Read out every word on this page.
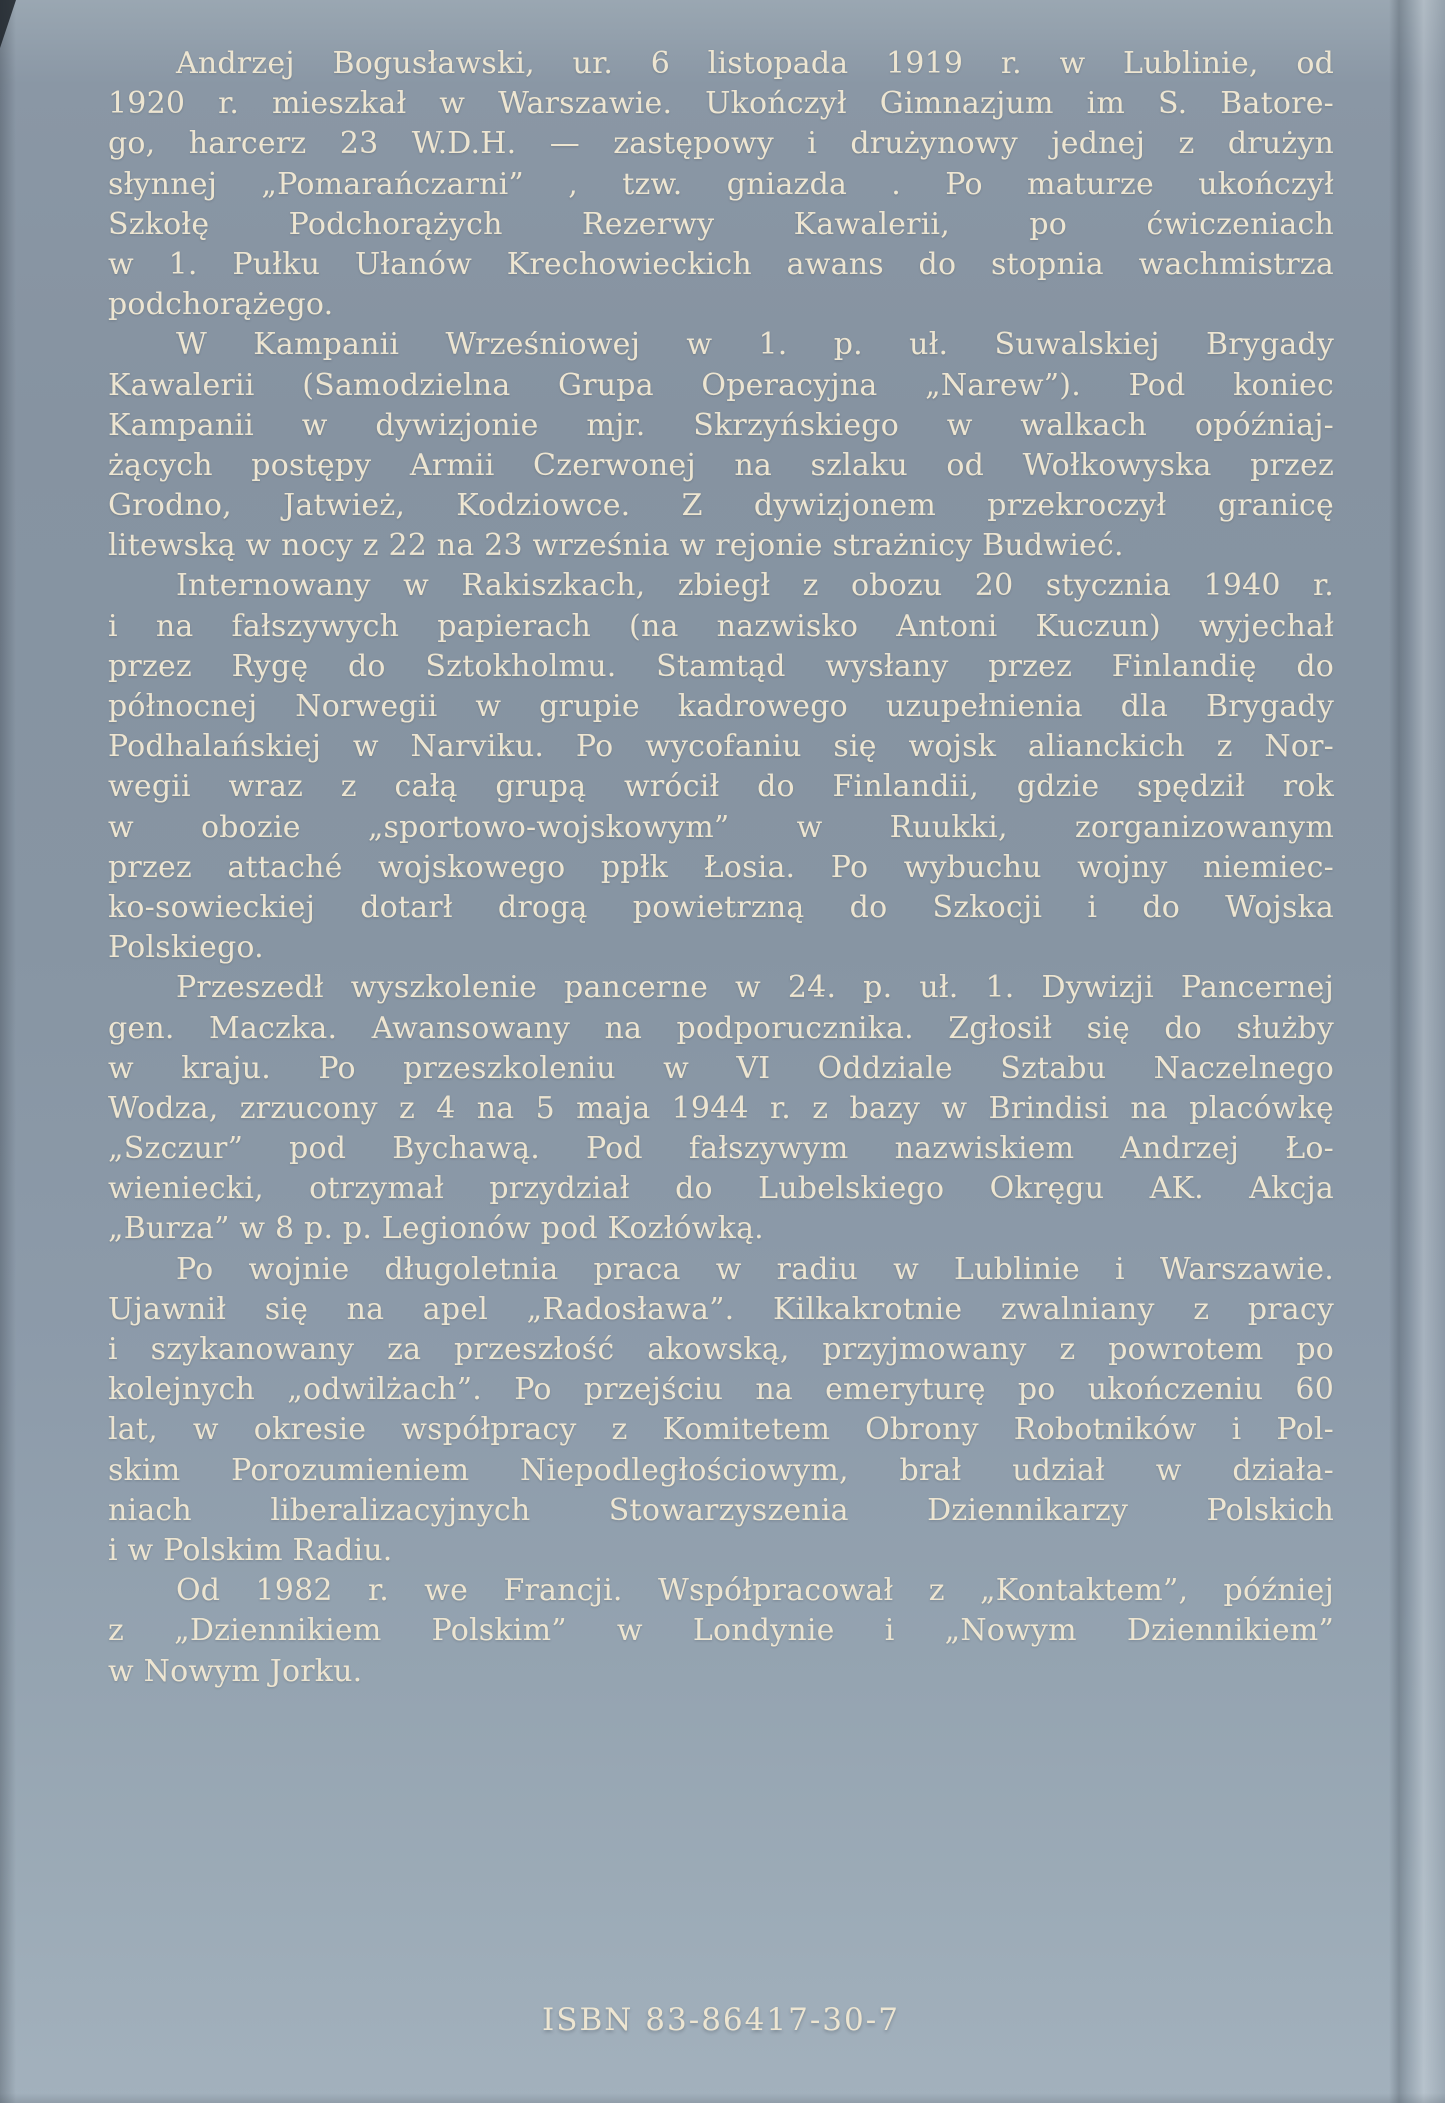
Andrzej Bogusławski, ur. 6 listopada 1919 r. w Lublinie, od
1920 r. mieszkał w Warszawie. Ukończył Gimnazjum im S. Batore-
go, harcerz 23 W.D.H. — zastępowy i drużynowy jednej z drużyn
słynnej „Pomarańczarni” , tzw. gniazda . Po maturze ukończył
Szkołę Podchorążych Rezerwy Kawalerii, po ćwiczeniach
w 1. Pułku Ułanów Krechowieckich awans do stopnia wachmistrza
podchorążego.
W Kampanii Wrześniowej w 1. p. uł. Suwalskiej Brygady
Kawalerii (Samodzielna Grupa Operacyjna „Narew”). Pod koniec
Kampanii w dywizjonie mjr. Skrzyńskiego w walkach opóźniaj-
żących postępy Armii Czerwonej na szlaku od Wołkowyska przez
Grodno, Jatwież, Kodziowce. Z dywizjonem przekroczył granicę
litewską w nocy z 22 na 23 września w rejonie strażnicy Budwieć.
Internowany w Rakiszkach, zbiegł z obozu 20 stycznia 1940 r.
i na fałszywych papierach (na nazwisko Antoni Kuczun) wyjechał
przez Rygę do Sztokholmu. Stamtąd wysłany przez Finlandię do
północnej Norwegii w grupie kadrowego uzupełnienia dla Brygady
Podhalańskiej w Narviku. Po wycofaniu się wojsk alianckich z Nor-
wegii wraz z całą grupą wrócił do Finlandii, gdzie spędził rok
w obozie „sportowo-wojskowym” w Ruukki, zorganizowanym
przez attaché wojskowego ppłk Łosia. Po wybuchu wojny niemiec-
ko-sowieckiej dotarł drogą powietrzną do Szkocji i do Wojska
Polskiego.
Przeszedł wyszkolenie pancerne w 24. p. uł. 1. Dywizji Pancernej
gen. Maczka. Awansowany na podporucznika. Zgłosił się do służby
w kraju. Po przeszkoleniu w VI Oddziale Sztabu Naczelnego
Wodza, zrzucony z 4 na 5 maja 1944 r. z bazy w Brindisi na placówkę
„Szczur” pod Bychawą. Pod fałszywym nazwiskiem Andrzej Ło-
wieniecki, otrzymał przydział do Lubelskiego Okręgu AK. Akcja
„Burza” w 8 p. p. Legionów pod Kozłówką.
Po wojnie długoletnia praca w radiu w Lublinie i Warszawie.
Ujawnił się na apel „Radosława”. Kilkakrotnie zwalniany z pracy
i szykanowany za przeszłość akowską, przyjmowany z powrotem po
kolejnych „odwilżach”. Po przejściu na emeryturę po ukończeniu 60
lat, w okresie współpracy z Komitetem Obrony Robotników i Pol-
skim Porozumieniem Niepodległościowym, brał udział w działa-
niach liberalizacyjnych Stowarzyszenia Dziennikarzy Polskich
i w Polskim Radiu.
Od 1982 r. we Francji. Współpracował z „Kontaktem”, później
z „Dziennikiem Polskim” w Londynie i „Nowym Dziennikiem”
w Nowym Jorku.
ISBN 83-86417-30-7
